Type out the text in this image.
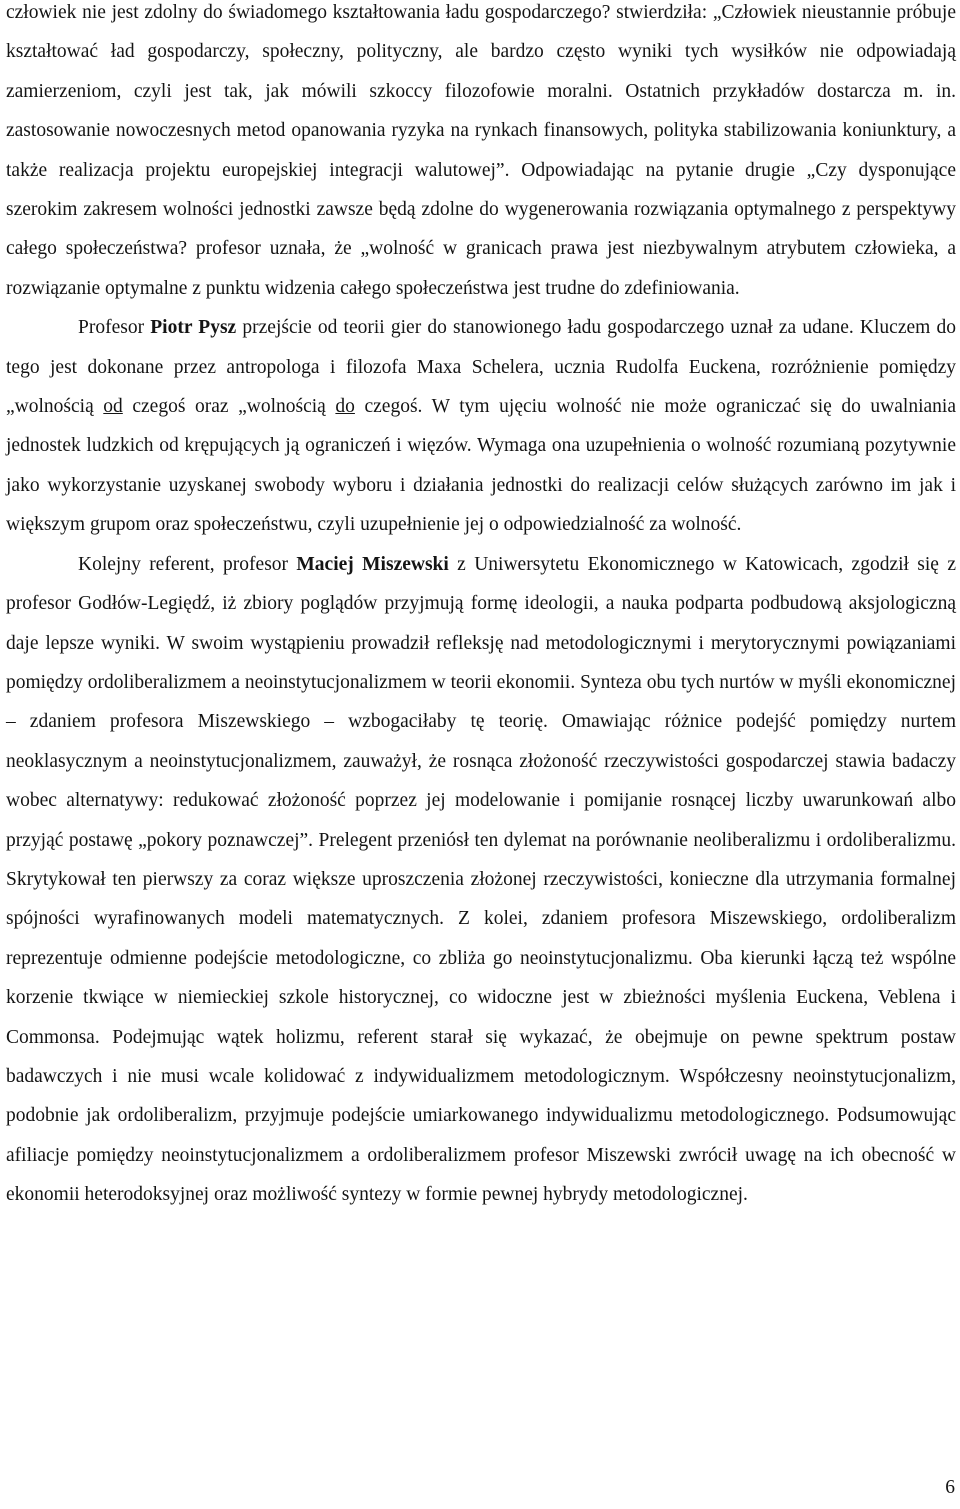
człowiek nie jest zdolny do świadomego kształtowania ładu gospodarczego? stwierdziła: „Człowiek nieustannie próbuje kształtować ład gospodarczy, społeczny, polityczny, ale bardzo często wyniki tych wysiłków nie odpowiadają zamierzeniom, czyli jest tak, jak mówili szkoccy filozofowie moralni. Ostatnich przykładów dostarcza m. in. zastosowanie nowoczesnych metod opanowania ryzyka na rynkach finansowych, polityka stabilizowania koniunktury, a także realizacja projektu europejskiej integracji walutowej”. Odpowiadając na pytanie drugie „Czy dysponujące szerokim zakresem wolności jednostki zawsze będą zdolne do wygenerowania rozwiązania optymalnego z perspektywy całego społeczeństwa? profesor uznała, że „wolność w granicach prawa jest niezbywalnym atrybutem człowieka, a rozwiązanie optymalne z punktu widzenia całego społeczeństwa jest trudne do zdefiniowania.

Profesor Piotr Pysz przejście od teorii gier do stanowionego ładu gospodarczego uznał za udane. Kluczem do tego jest dokonane przez antropologa i filozofa Maxa Schelera, ucznia Rudolfa Euckena, rozróżnienie pomiędzy „wolnością od czegoś oraz „wolnością do czegoś. W tym ujęciu wolność nie może ograniczać się do uwalniania jednostek ludzkich od krępujących ją ograniczeń i więzów. Wymaga ona uzupełnienia o wolność rozumianą pozytywnie jako wykorzystanie uzyskanej swobody wyboru i działania jednostki do realizacji celów służących zarówno im jak i większym grupom oraz społeczeństwu, czyli uzupełnienie jej o odpowiedzialność za wolność.

Kolejny referent, profesor Maciej Miszewski z Uniwersytetu Ekonomicznego w Katowicach, zgodził się z profesor Godłów-Legiędź, iż zbiory poglądów przyjmują formę ideologii, a nauka podparta podbudową aksjologiczną daje lepsze wyniki. W swoim wystąpieniu prowadził refleksję nad metodologicznymi i merytorycznymi powiązaniami pomiędzy ordoliberalizmem a neoinstytucjonalizmem w teorii ekonomii. Synteza obu tych nurtów w myśli ekonomicznej – zdaniem profesora Miszewskiego – wzbogaciłaby tę teorię. Omawiając różnice podejść pomiędzy nurtem neoklasycznym a neoinstytucjonalizmem, zauważył, że rosnąca złożoność rzeczywistości gospodarczej stawia badaczy wobec alternatywy: redukować złożoność poprzez jej modelowanie i pomijanie rosnącej liczby uwarunkowań albo przyjąć postawę „pokory poznawczej”. Prelegent przeniósł ten dylemat na porównanie neoliberalizmu i ordoliberalizmu. Skrytykował ten pierwszy za coraz większe uproszczenia złożonej rzeczywistości, konieczne dla utrzymania formalnej spójności wyrafinowanych modeli matematycznych. Z kolei, zdaniem profesora Miszewskiego, ordoliberalizm reprezentuje odmienne podejście metodologiczne, co zbliża go neoinstytucjonalizmu. Oba kierunki łączą też wspólne korzenie tkwiące w niemieckiej szkole historycznej, co widoczne jest w zbieżności myślenia Euckena, Veblena i Commonsa. Podejmując wątek holizmu, referent starał się wykazać, że obejmuje on pewne spektrum postaw badawczych i nie musi wcale kolidować z indywidualizmem metodologicznym. Współczesny neoinstytucjonalizm, podobnie jak ordoliberalizm, przyjmuje podejście umiarkowanego indywidualizmu metodologicznego. Podsumowując afiliacje pomiędzy neoinstytucjonalizmem a ordoliberalizmem profesor Miszewski zwrócił uwagę na ich obecność w ekonomii heterodoksyjnej oraz możliwość syntezy w formie pewnej hybrydy metodologicznej.

6
